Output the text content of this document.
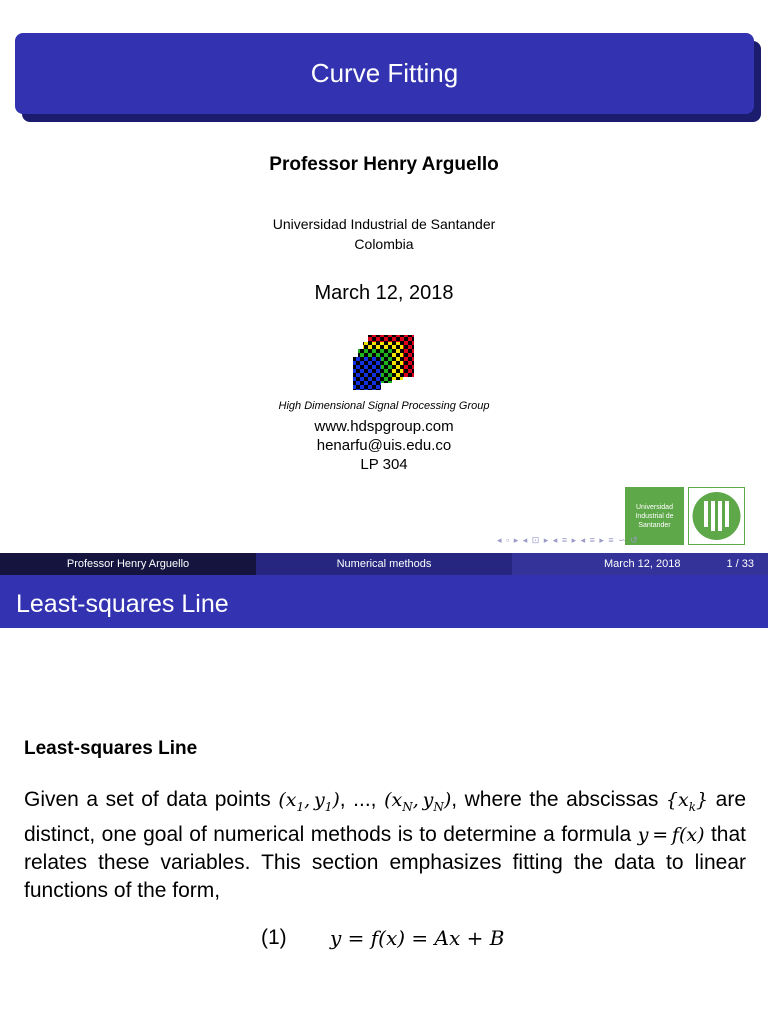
Curve Fitting
Professor Henry Arguello
Universidad Industrial de Santander
Colombia
March 12, 2018
High Dimensional Signal Processing Group
www.hdspgroup.com
henarfu@uis.edu.co
LP 304
Universidad
Industrial de
Santander
◂ ▫ ▸ ◂ ⊡ ▸ ◂ ≡ ▸ ◂ ≡ ▸ ≡ ∽ ↺
Professor Henry Arguello	Numerical methods	March 12, 2018	1 / 33
Least-squares Line
Least-squares Line
Given a set of data points ($x_1$, $y_1$), ..., ($x_N$, $y_N$), where the abscissas $\{x_k\}$ are distinct, one goal of numerical methods is to determine a formula y = f(x) that relates these variables. This section emphasizes fitting the data to linear functions of the form,
(1) y = f(x) = Ax + B
